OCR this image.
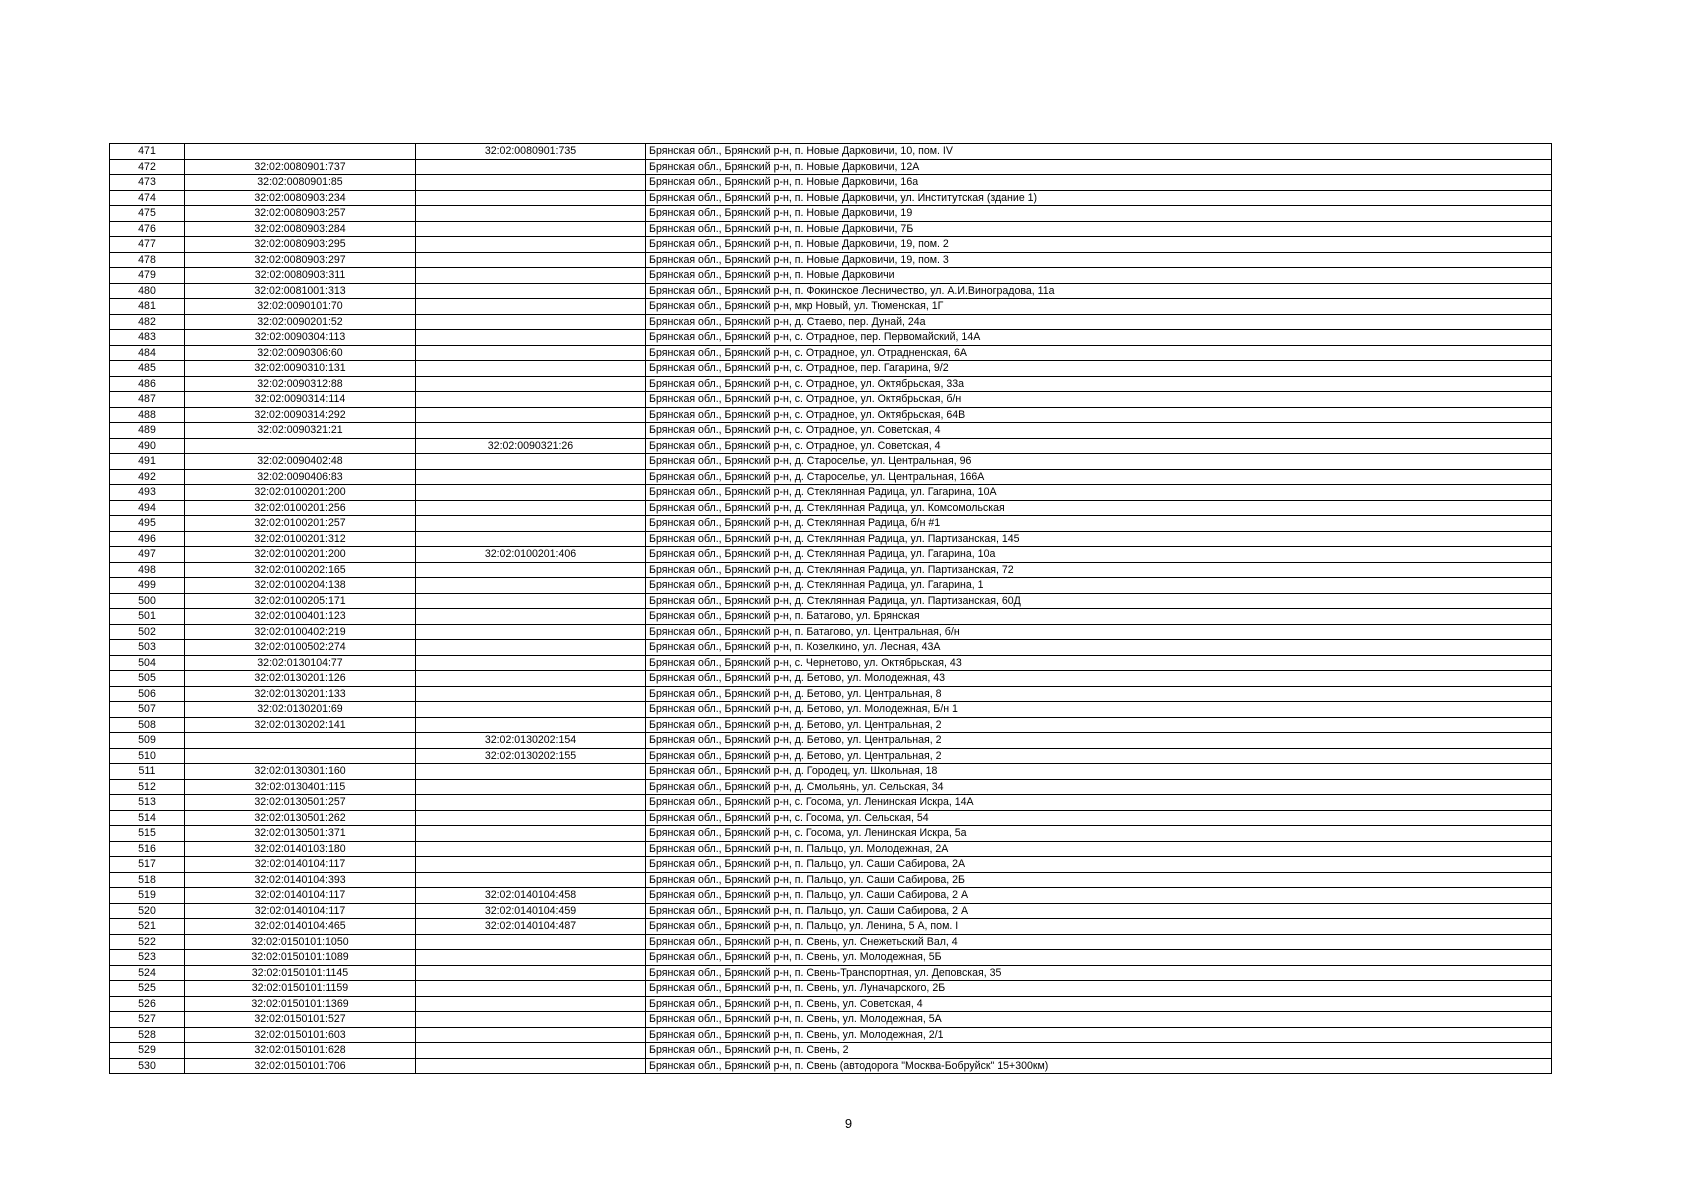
471		32:02:0080901:735	Брянская обл., Брянский р-н, п. Новые Дарковичи, 10, пом. IV
472	32:02:0080901:737		Брянская обл., Брянский р-н, п. Новые Дарковичи, 12А
473	32:02:0080901:85		Брянская обл., Брянский р-н, п. Новые Дарковичи, 16а
474	32:02:0080903:234		Брянская обл., Брянский р-н, п. Новые Дарковичи, ул. Институтская (здание 1)
475	32:02:0080903:257		Брянская обл., Брянский р-н, п. Новые Дарковичи, 19
476	32:02:0080903:284		Брянская обл., Брянский р-н, п. Новые Дарковичи, 7Б
477	32:02:0080903:295		Брянская обл., Брянский р-н, п. Новые Дарковичи, 19, пом. 2
478	32:02:0080903:297		Брянская обл., Брянский р-н, п. Новые Дарковичи, 19, пом. 3
479	32:02:0080903:311		Брянская обл., Брянский р-н, п. Новые Дарковичи
480	32:02:0081001:313		Брянская обл., Брянский р-н, п. Фокинское Лесничество, ул. А.И.Виноградова, 11а
481	32:02:0090101:70		Брянская обл., Брянский р-н, мкр Новый, ул. Тюменская, 1Г
482	32:02:0090201:52		Брянская обл., Брянский р-н, д. Стаево, пер. Дунай, 24а
483	32:02:0090304:113		Брянская обл., Брянский р-н, с. Отрадное, пер. Первомайский, 14А
484	32:02:0090306:60		Брянская обл., Брянский р-н, с. Отрадное, ул. Отрадненская, 6А
485	32:02:0090310:131		Брянская обл., Брянский р-н, с. Отрадное, пер. Гагарина, 9/2
486	32:02:0090312:88		Брянская обл., Брянский р-н, с. Отрадное, ул. Октябрьская, 33а
487	32:02:0090314:114		Брянская обл., Брянский р-н, с. Отрадное, ул. Октябрьская, б/н
488	32:02:0090314:292		Брянская обл., Брянский р-н, с. Отрадное, ул. Октябрьская, 64В
489	32:02:0090321:21		Брянская обл., Брянский р-н, с. Отрадное, ул. Советская, 4
490		32:02:0090321:26	Брянская обл., Брянский р-н, с. Отрадное, ул. Советская, 4
491	32:02:0090402:48		Брянская обл., Брянский р-н, д. Староселье, ул. Центральная, 96
492	32:02:0090406:83		Брянская обл., Брянский р-н, д. Староселье, ул. Центральная, 166А
493	32:02:0100201:200		Брянская обл., Брянский р-н, д. Стеклянная Радица, ул. Гагарина, 10А
494	32:02:0100201:256		Брянская обл., Брянский р-н, д. Стеклянная Радица, ул. Комсомольская
495	32:02:0100201:257		Брянская обл., Брянский р-н, д. Стеклянная Радица, б/н #1
496	32:02:0100201:312		Брянская обл., Брянский р-н, д. Стеклянная Радица, ул. Партизанская, 145
497	32:02:0100201:200	32:02:0100201:406	Брянская обл., Брянский р-н, д. Стеклянная Радица, ул. Гагарина, 10а
498	32:02:0100202:165		Брянская обл., Брянский р-н, д. Стеклянная Радица, ул. Партизанская, 72
499	32:02:0100204:138		Брянская обл., Брянский р-н, д. Стеклянная Радица, ул. Гагарина, 1
500	32:02:0100205:171		Брянская обл., Брянский р-н, д. Стеклянная Радица, ул. Партизанская, 60Д
501	32:02:0100401:123		Брянская обл., Брянский р-н, п. Батагово, ул. Брянская
502	32:02:0100402:219		Брянская обл., Брянский р-н, п. Батагово, ул. Центральная, б/н
503	32:02:0100502:274		Брянская обл., Брянский р-н, п. Козелкино, ул. Лесная, 43А
504	32:02:0130104:77		Брянская обл., Брянский р-н, с. Чернетово, ул. Октябрьская, 43
505	32:02:0130201:126		Брянская обл., Брянский р-н, д. Бетово, ул. Молодежная, 43
506	32:02:0130201:133		Брянская обл., Брянский р-н, д. Бетово, ул. Центральная, 8
507	32:02:0130201:69		Брянская обл., Брянский р-н, д. Бетово, ул. Молодежная, Б/н 1
508	32:02:0130202:141		Брянская обл., Брянский р-н, д. Бетово, ул. Центральная, 2
509		32:02:0130202:154	Брянская обл., Брянский р-н, д. Бетово, ул. Центральная, 2
510		32:02:0130202:155	Брянская обл., Брянский р-н, д. Бетово, ул. Центральная, 2
511	32:02:0130301:160		Брянская обл., Брянский р-н, д. Городец, ул. Школьная, 18
512	32:02:0130401:115		Брянская обл., Брянский р-н, д. Смольянь, ул. Сельская, 34
513	32:02:0130501:257		Брянская обл., Брянский р-н, с. Госома, ул. Ленинская Искра, 14А
514	32:02:0130501:262		Брянская обл., Брянский р-н, с. Госома, ул. Сельская, 54
515	32:02:0130501:371		Брянская обл., Брянский р-н, с. Госома, ул. Ленинская Искра, 5а
516	32:02:0140103:180		Брянская обл., Брянский р-н, п. Пальцо, ул. Молодежная, 2А
517	32:02:0140104:117		Брянская обл., Брянский р-н, п. Пальцо, ул. Саши Сабирова, 2А
518	32:02:0140104:393		Брянская обл., Брянский р-н, п. Пальцо, ул. Саши Сабирова, 2Б
519	32:02:0140104:117	32:02:0140104:458	Брянская обл., Брянский р-н, п. Пальцо, ул. Саши Сабирова, 2 А
520	32:02:0140104:117	32:02:0140104:459	Брянская обл., Брянский р-н, п. Пальцо, ул. Саши Сабирова, 2 А
521	32:02:0140104:465	32:02:0140104:487	Брянская обл., Брянский р-н, п. Пальцо, ул. Ленина, 5 А, пом. I
522	32:02:0150101:1050		Брянская обл., Брянский р-н, п. Свень, ул. Снежетьский Вал, 4
523	32:02:0150101:1089		Брянская обл., Брянский р-н, п. Свень, ул. Молодежная, 5Б
524	32:02:0150101:1145		Брянская обл., Брянский р-н, п. Свень-Транспортная, ул. Деповская, 35
525	32:02:0150101:1159		Брянская обл., Брянский р-н, п. Свень, ул. Луначарского, 2Б
526	32:02:0150101:1369		Брянская обл., Брянский р-н, п. Свень, ул. Советская, 4
527	32:02:0150101:527		Брянская обл., Брянский р-н, п. Свень, ул. Молодежная, 5А
528	32:02:0150101:603		Брянская обл., Брянский р-н, п. Свень, ул. Молодежная, 2/1
529	32:02:0150101:628		Брянская обл., Брянский р-н, п. Свень, 2
530	32:02:0150101:706		Брянская обл., Брянский р-н, п. Свень (автодорога "Москва-Бобруйск" 15+300км)
9
